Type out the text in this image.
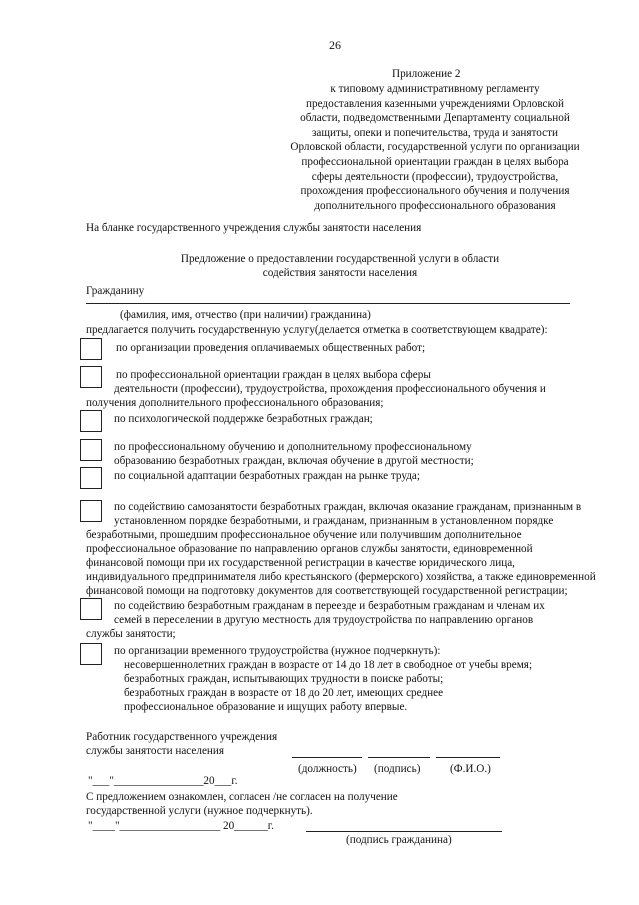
26
Приложение 2
к типовому административному регламенту
предоставления казенными учреждениями Орловской
области, подведомственными Департаменту социальной
защиты, опеки и попечительства, труда и занятости
Орловской области, государственной услуги по организации
профессиональной ориентации граждан в целях выбора
сферы деятельности (профессии), трудоустройства,
прохождения профессионального обучения и получения
дополнительного профессионального образования
На бланке государственного учреждения службы занятости населения
Предложение о предоставлении государственной услуги в области
содействия занятости населения
Гражданину
(фамилия, имя, отчество (при наличии) гражданина)
предлагается получить государственную услугу(делается отметка в соответствующем квадрате):
по организации проведения оплачиваемых общественных работ;
по профессиональной ориентации граждан в целях выбора сферы
деятельности (профессии), трудоустройства, прохождения профессионального обучения и
получения дополнительного профессионального образования;
по психологической поддержке безработных граждан;
по профессиональному обучению и дополнительному профессиональному
образованию безработных граждан, включая обучение в другой местности;
по социальной адаптации безработных граждан на рынке труда;
по содействию самозанятости безработных граждан, включая оказание гражданам, признанным в
установленном порядке безработными, и гражданам, признанным в установленном порядке
безработными, прошедшим профессиональное обучение или получившим дополнительное
профессиональное образование по направлению органов службы занятости, единовременной
финансовой помощи при их государственной регистрации в качестве юридического лица,
индивидуального предпринимателя либо крестьянского (фермерского) хозяйства, а также единовременной
финансовой помощи на подготовку документов для соответствующей государственной регистрации;
по содействию безработным гражданам в переезде и безработным гражданам и членам их
семей в переселении в другую местность для трудоустройства по направлению органов
службы занятости;
по организации временного трудоустройства (нужное подчеркнуть):
несовершеннолетних граждан в возрасте от 14 до 18 лет в свободное от учебы время;
безработных граждан, испытывающих трудности в поиске работы;
безработных граждан в возрасте от 18 до 20 лет, имеющих среднее
профессиональное образование и ищущих работу впервые.
Работник государственного учреждения
службы занятости населения
(должность) (подпись)	(Ф.И.О.)
"___"________________20___г.
С предложением ознакомлен, согласен /не согласен на получение
государственной услуги (нужное подчеркнуть).
"____"__________________ 20______г.
(подпись гражданина)
